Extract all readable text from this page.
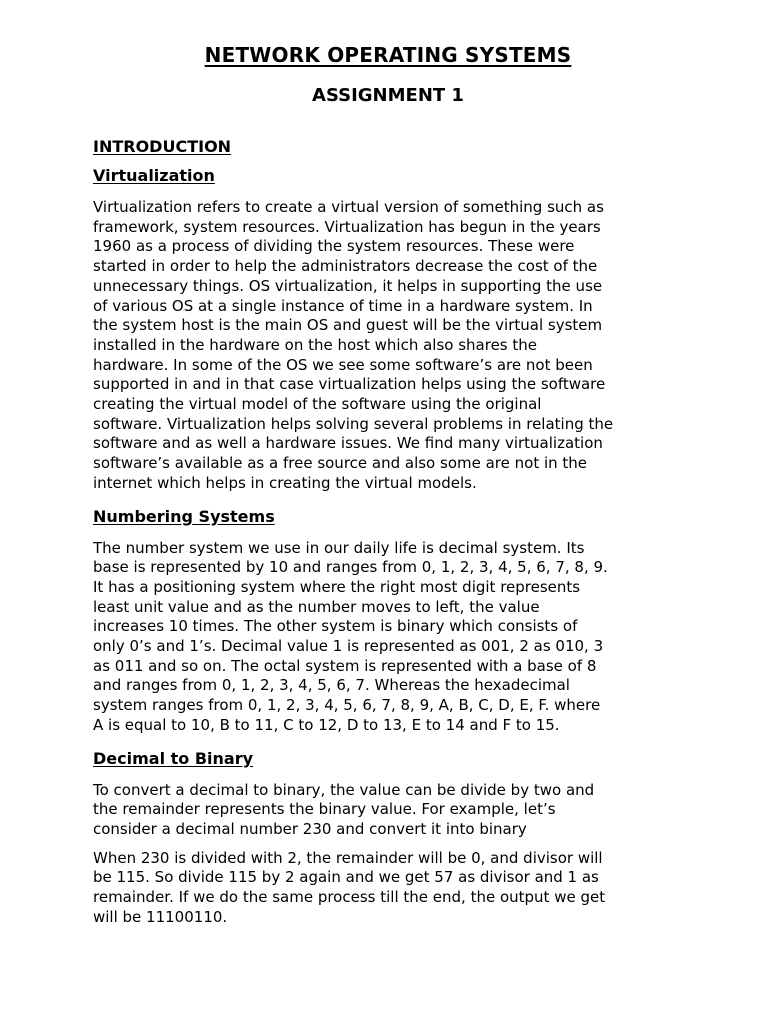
NETWORK OPERATING SYSTEMS
ASSIGNMENT 1
INTRODUCTION
Virtualization

Virtualization refers to create a virtual version of something such as
framework, system resources. Virtualization has begun in the years
1960 as a process of dividing the system resources. These were
started in order to help the administrators decrease the cost of the
unnecessary things. OS virtualization, it helps in supporting the use
of various OS at a single instance of time in a hardware system. In
the system host is the main OS and guest will be the virtual system
installed in the hardware on the host which also shares the
hardware. In some of the OS we see some software’s are not been
supported in and in that case virtualization helps using the software
creating the virtual model of the software using the original
software. Virtualization helps solving several problems in relating the
software and as well a hardware issues. We find many virtualization
software’s available as a free source and also some are not in the
internet which helps in creating the virtual models.

Numbering Systems

The number system we use in our daily life is decimal system. Its
base is represented by 10 and ranges from 0, 1, 2, 3, 4, 5, 6, 7, 8, 9.
It has a positioning system where the right most digit represents
least unit value and as the number moves to left, the value
increases 10 times. The other system is binary which consists of
only 0’s and 1’s. Decimal value 1 is represented as 001, 2 as 010, 3
as 011 and so on. The octal system is represented with a base of 8
and ranges from 0, 1, 2, 3, 4, 5, 6, 7. Whereas the hexadecimal
system ranges from 0, 1, 2, 3, 4, 5, 6, 7, 8, 9, A, B, C, D, E, F. where
A is equal to 10, B to 11, C to 12, D to 13, E to 14 and F to 15.

Decimal to Binary

To convert a decimal to binary, the value can be divide by two and
the remainder represents the binary value. For example, let’s
consider a decimal number 230 and convert it into binary

When 230 is divided with 2, the remainder will be 0, and divisor will
be 115. So divide 115 by 2 again and we get 57 as divisor and 1 as
remainder. If we do the same process till the end, the output we get
will be 11100110.
